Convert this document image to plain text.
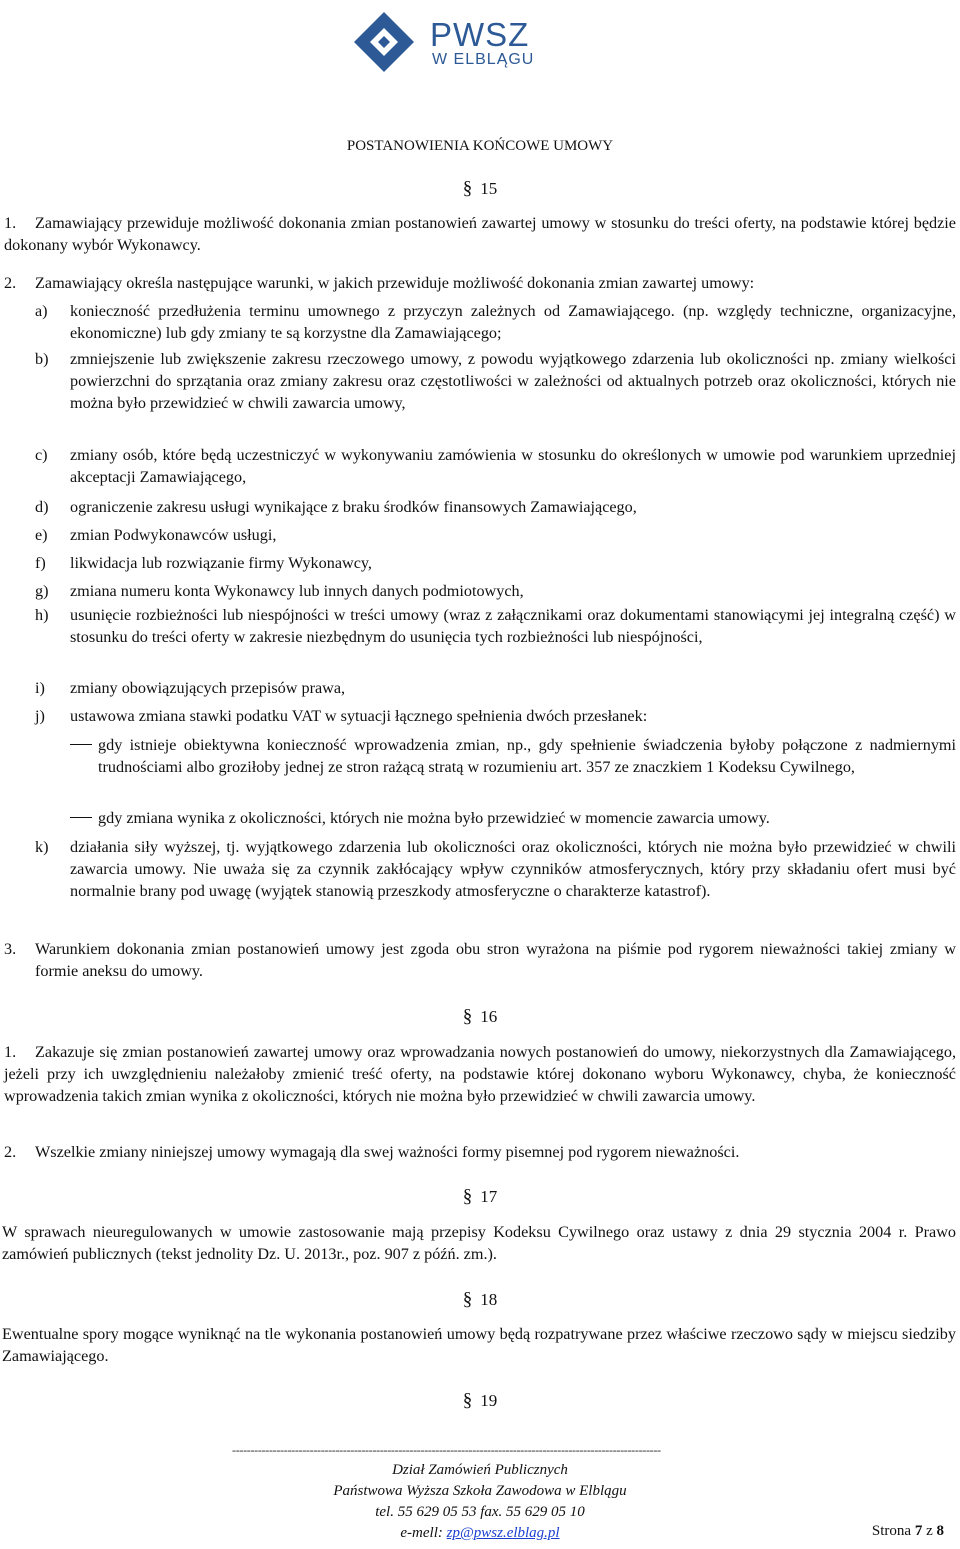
PWSZ
W ELBLĄGU
POSTANOWIENIA KOŃCOWE UMOWY
§ 15
1.	Zamawiający przewiduje możliwość dokonania zmian postanowień zawartej umowy w stosunku do treści oferty, na podstawie której będzie dokonany wybór Wykonawcy.
2. Zamawiający określa następujące warunki, w jakich przewiduje możliwość dokonania zmian zawartej umowy:
a) konieczność przedłużenia terminu umownego z przyczyn zależnych od Zamawiającego. (np. względy techniczne, organizacyjne, ekonomiczne) lub gdy zmiany te są korzystne dla Zamawiającego;
b) zmniejszenie lub zwiększenie zakresu rzeczowego umowy, z powodu wyjątkowego zdarzenia lub okoliczności np. zmiany wielkości powierzchni do sprzątania oraz zmiany zakresu oraz częstotliwości w zależności od aktualnych potrzeb oraz okoliczności, których nie można było przewidzieć w chwili zawarcia umowy,
c) zmiany osób, które będą uczestniczyć w wykonywaniu zamówienia w stosunku do określonych w umowie pod warunkiem uprzedniej akceptacji Zamawiającego,
d) ograniczenie zakresu usługi wynikające z braku środków finansowych Zamawiającego,
e) zmian Podwykonawców usługi,
f) likwidacja lub rozwiązanie firmy Wykonawcy,
g) zmiana numeru konta Wykonawcy lub innych danych podmiotowych,
h) usunięcie rozbieżności lub niespójności w treści umowy (wraz z załącznikami oraz dokumentami stanowiącymi jej integralną część) w stosunku do treści oferty w zakresie niezbędnym do usunięcia tych rozbieżności lub niespójności,
i) zmiany obowiązujących przepisów prawa,
j) ustawowa zmiana stawki podatku VAT w sytuacji łącznego spełnienia dwóch przesłanek:
gdy istnieje obiektywna konieczność wprowadzenia zmian, np., gdy spełnienie świadczenia byłoby połączone z nadmiernymi trudnościami albo groziłoby jednej ze stron rażącą stratą w rozumieniu art. 357 ze znaczkiem 1 Kodeksu Cywilnego,
gdy zmiana wynika z okoliczności, których nie można było przewidzieć w momencie zawarcia umowy.
k) działania siły wyższej, tj. wyjątkowego zdarzenia lub okoliczności oraz okoliczności, których nie można było przewidzieć w chwili zawarcia umowy. Nie uważa się za czynnik zakłócający wpływ czynników atmosferycznych, który przy składaniu ofert musi być normalnie brany pod uwagę (wyjątek stanowią przeszkody atmosferyczne o charakterze katastrof).
3. Warunkiem dokonania zmian postanowień umowy jest zgoda obu stron wyrażona na piśmie pod rygorem nieważności takiej zmiany w formie aneksu do umowy.
§ 16
1.	Zakazuje się zmian postanowień zawartej umowy oraz wprowadzania nowych postanowień do umowy, niekorzystnych dla Zamawiającego, jeżeli przy ich uwzględnieniu należałoby zmienić treść oferty, na podstawie której dokonano wyboru Wykonawcy, chyba, że konieczność wprowadzenia takich zmian wynika z okoliczności, których nie można było przewidzieć w chwili zawarcia umowy.
2. Wszelkie zmiany niniejszej umowy wymagają dla swej ważności formy pisemnej pod rygorem nieważności.
§ 17
W sprawach nieuregulowanych w umowie zastosowanie mają przepisy Kodeksu Cywilnego oraz ustawy z dnia 29 stycznia 2004 r. Prawo zamówień publicznych (tekst jednolity Dz. U. 2013r., poz. 907 z późń. zm.).
§ 18
Ewentualne spory mogące wyniknąć na tle wykonania postanowień umowy będą rozpatrywane przez właściwe rzeczowo sądy w miejscu siedziby Zamawiającego.
§ 19
--------------------------------------------------------------------------------------------------------------------
Dział Zamówień Publicznych
Państwowa Wyższa Szkoła Zawodowa w Elblągu
tel. 55 629 05 53 fax. 55 629 05 10
e-mell: zp@pwsz.elblag.pl	Strona 7 z 8
